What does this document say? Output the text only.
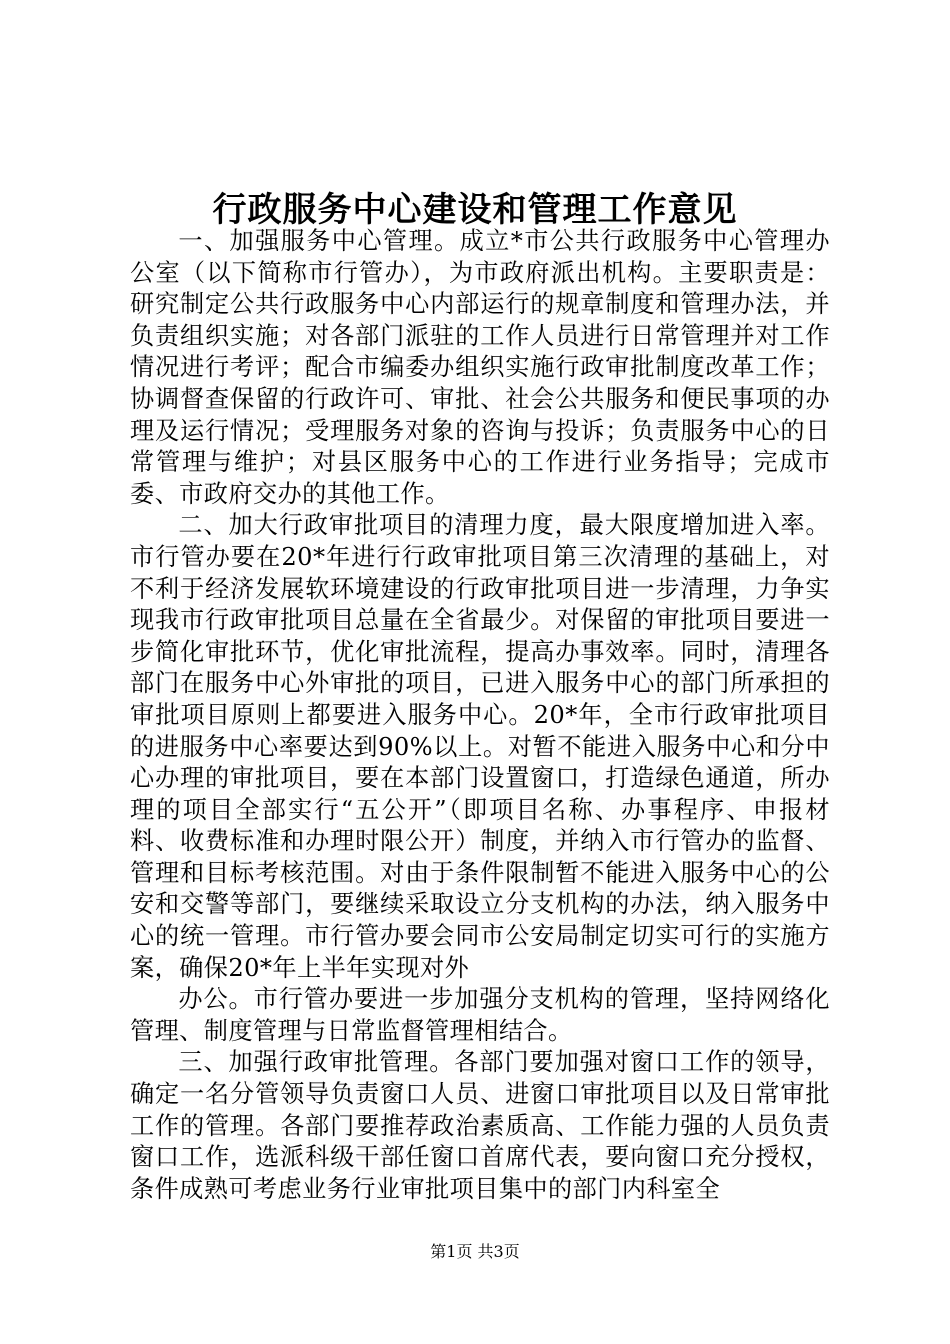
行政服务中心建设和管理工作意见

一、加强服务中心管理。成立*市公共行政服务中心管理办公室（以下简称市行管办），为市政府派出机构。主要职责是：研究制定公共行政服务中心内部运行的规章制度和管理办法，并负责组织实施；对各部门派驻的工作人员进行日常管理并对工作情况进行考评；配合市编委办组织实施行政审批制度改革工作；协调督查保留的行政许可、审批、社会公共服务和便民事项的办理及运行情况；受理服务对象的咨询与投诉；负责服务中心的日常管理与维护；对县区服务中心的工作进行业务指导；完成市委、市政府交办的其他工作。

二、加大行政审批项目的清理力度，最大限度增加进入率。市行管办要在20*年进行行政审批项目第三次清理的基础上，对不利于经济发展软环境建设的行政审批项目进一步清理，力争实现我市行政审批项目总量在全省最少。对保留的审批项目要进一步简化审批环节，优化审批流程，提高办事效率。同时，清理各部门在服务中心外审批的项目，已进入服务中心的部门所承担的审批项目原则上都要进入服务中心。20*年，全市行政审批项目的进服务中心率要达到90%以上。对暂不能进入服务中心和分中心办理的审批项目，要在本部门设置窗口，打造绿色通道，所办理的项目全部实行“五公开”（即项目名称、办事程序、申报材料、收费标准和办理时限公开）制度，并纳入市行管办的监督、管理和目标考核范围。对由于条件限制暂不能进入服务中心的公安和交警等部门，要继续采取设立分支机构的办法，纳入服务中心的统一管理。市行管办要会同市公安局制定切实可行的实施方案，确保20*年上半年实现对外

办公。市行管办要进一步加强分支机构的管理，坚持网络化管理、制度管理与日常监督管理相结合。

三、加强行政审批管理。各部门要加强对窗口工作的领导，确定一名分管领导负责窗口人员、进窗口审批项目以及日常审批工作的管理。各部门要推荐政治素质高、工作能力强的人员负责窗口工作，选派科级干部任窗口首席代表，要向窗口充分授权，条件成熟可考虑业务行业审批项目集中的部门内科室全

第1页 共3页
